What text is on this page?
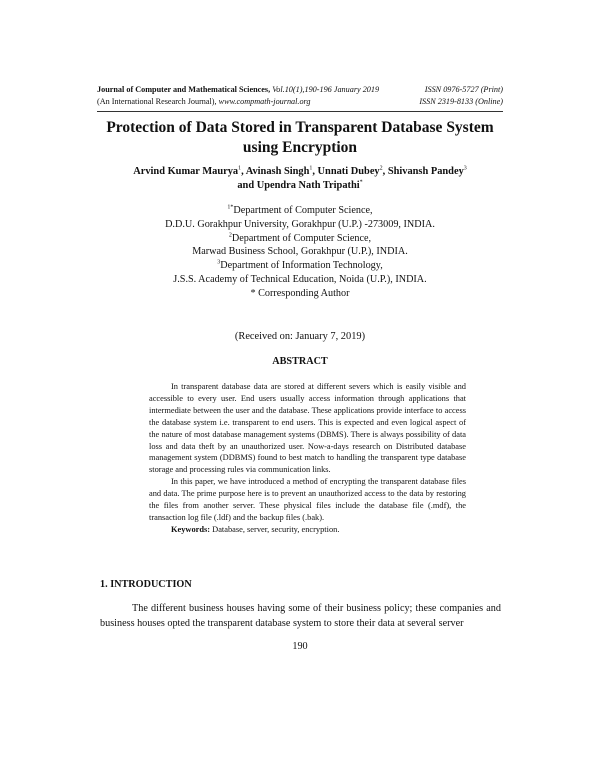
Journal of Computer and Mathematical Sciences, Vol.10(1),190-196 January 2019	ISSN 0976-5727 (Print)
(An International Research Journal), www.compmath-journal.org	ISSN 2319-8133 (Online)
Protection of Data Stored in Transparent Database System
using Encryption
Arvind Kumar Maurya$^1$, Avinash Singh$^1$, Unnati Dubey$^2$, Shivansh Pandey$^3$
and Upendra Nath Tripathi*
$^{1*}$Department of Computer Science,
D.D.U. Gorakhpur University, Gorakhpur (U.P.) -273009, INDIA.
$^2$Department of Computer Science,
Marwad Business School, Gorakhpur (U.P.), INDIA.
$^3$Department of Information Technology,
J.S.S. Academy of Technical Education, Noida (U.P.), INDIA.
* Corresponding Author
(Received on: January 7, 2019)
ABSTRACT

In transparent database data are stored at different severs which is easily visible and accessible to every user. End users usually access information through applications that intermediate between the user and the database. These applications provide interface to access the database system i.e. transparent to end users. This is expected and even logical aspect of the nature of most database management systems (DBMS). There is always possibility of data loss and data theft by an unauthorized user. Now-a-days research on Distributed database management system (DDBMS) found to best match to handling the transparent type database storage and processing rules via communication links.

In this paper, we have introduced a method of encrypting the transparent database files and data. The prime purpose here is to prevent an unauthorized access to the data by restoring the files from another server. These physical files include the database file (.mdf), the transaction log file (.ldf) and the backup files (.bak).

Keywords: Database, server, security, encryption.

1. INTRODUCTION

The different business houses having some of their business policy; these companies and business houses opted the transparent database system to store their data at several server

190
